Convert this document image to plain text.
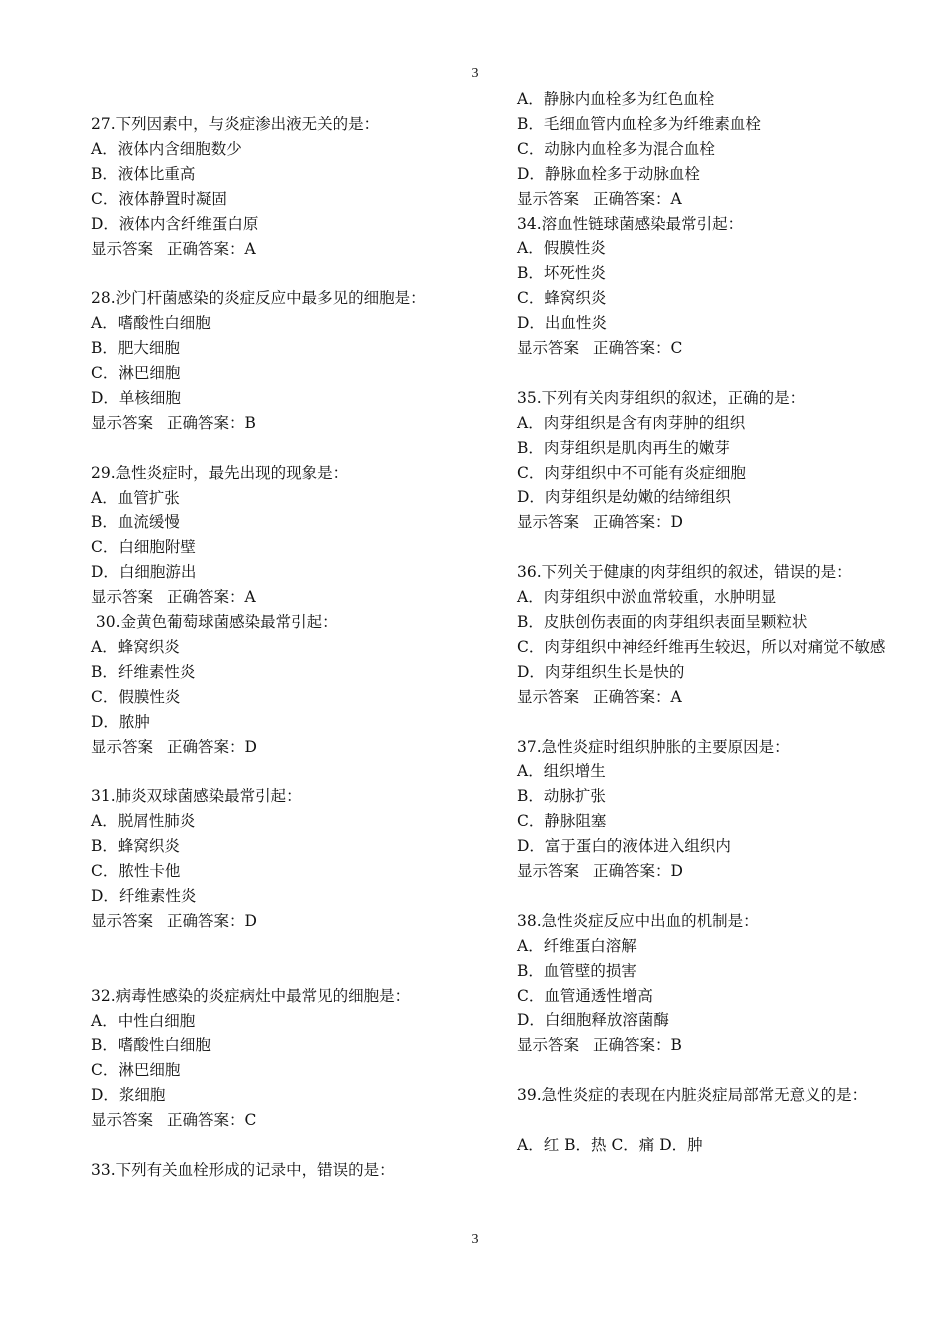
3
27.下列因素中，与炎症渗出液无关的是：
A．液体内含细胞数少
B．液体比重高
C．液体静置时凝固
D．液体内含纤维蛋白原
显示答案 正确答案：A
28.沙门杆菌感染的炎症反应中最多见的细胞是：
A．嗜酸性白细胞
B．肥大细胞
C．淋巴细胞
D．单核细胞
显示答案 正确答案：B
29.急性炎症时，最先出现的现象是：
A．血管扩张
B．血流缓慢
C．白细胞附壁
D．白细胞游出
显示答案 正确答案：A
30.金黄色葡萄球菌感染最常引起：
A．蜂窝织炎
B．纤维素性炎
C．假膜性炎
D．脓肿
显示答案 正确答案：D
31.肺炎双球菌感染最常引起：
A．脱屑性肺炎
B．蜂窝织炎
C．脓性卡他
D．纤维素性炎
显示答案 正确答案：D
32.病毒性感染的炎症病灶中最常见的细胞是：
A．中性白细胞
B．嗜酸性白细胞
C．淋巴细胞
D．浆细胞
显示答案 正确答案：C
33.下列有关血栓形成的记录中，错误的是：
A．静脉内血栓多为红色血栓
B．毛细血管内血栓多为纤维素血栓
C．动脉内血栓多为混合血栓
D．静脉血栓多于动脉血栓
显示答案 正确答案：A
34.溶血性链球菌感染最常引起：
A．假膜性炎
B．坏死性炎
C．蜂窝织炎
D．出血性炎
显示答案 正确答案：C
35.下列有关肉芽组织的叙述，正确的是：
A．肉芽组织是含有肉芽肿的组织
B．肉芽组织是肌肉再生的嫩芽
C．肉芽组织中不可能有炎症细胞
D．肉芽组织是幼嫩的结缔组织
显示答案 正确答案：D
36.下列关于健康的肉芽组织的叙述，错误的是：
A．肉芽组织中淤血常较重，水肿明显
B．皮肤创伤表面的肉芽组织表面呈颗粒状
C．肉芽组织中神经纤维再生较迟，所以对痛觉不敏感
D．肉芽组织生长是快的
显示答案 正确答案：A
37.急性炎症时组织肿胀的主要原因是：
A．组织增生
B．动脉扩张
C．静脉阻塞
D．富于蛋白的液体进入组织内
显示答案 正确答案：D
38.急性炎症反应中出血的机制是：
A．纤维蛋白溶解
B．血管壁的损害
C．血管通透性增高
D．白细胞释放溶菌酶
显示答案 正确答案：B
39.急性炎症的表现在内脏炎症局部常无意义的是：
A．红 B．热 C．痛 D．肿
3
